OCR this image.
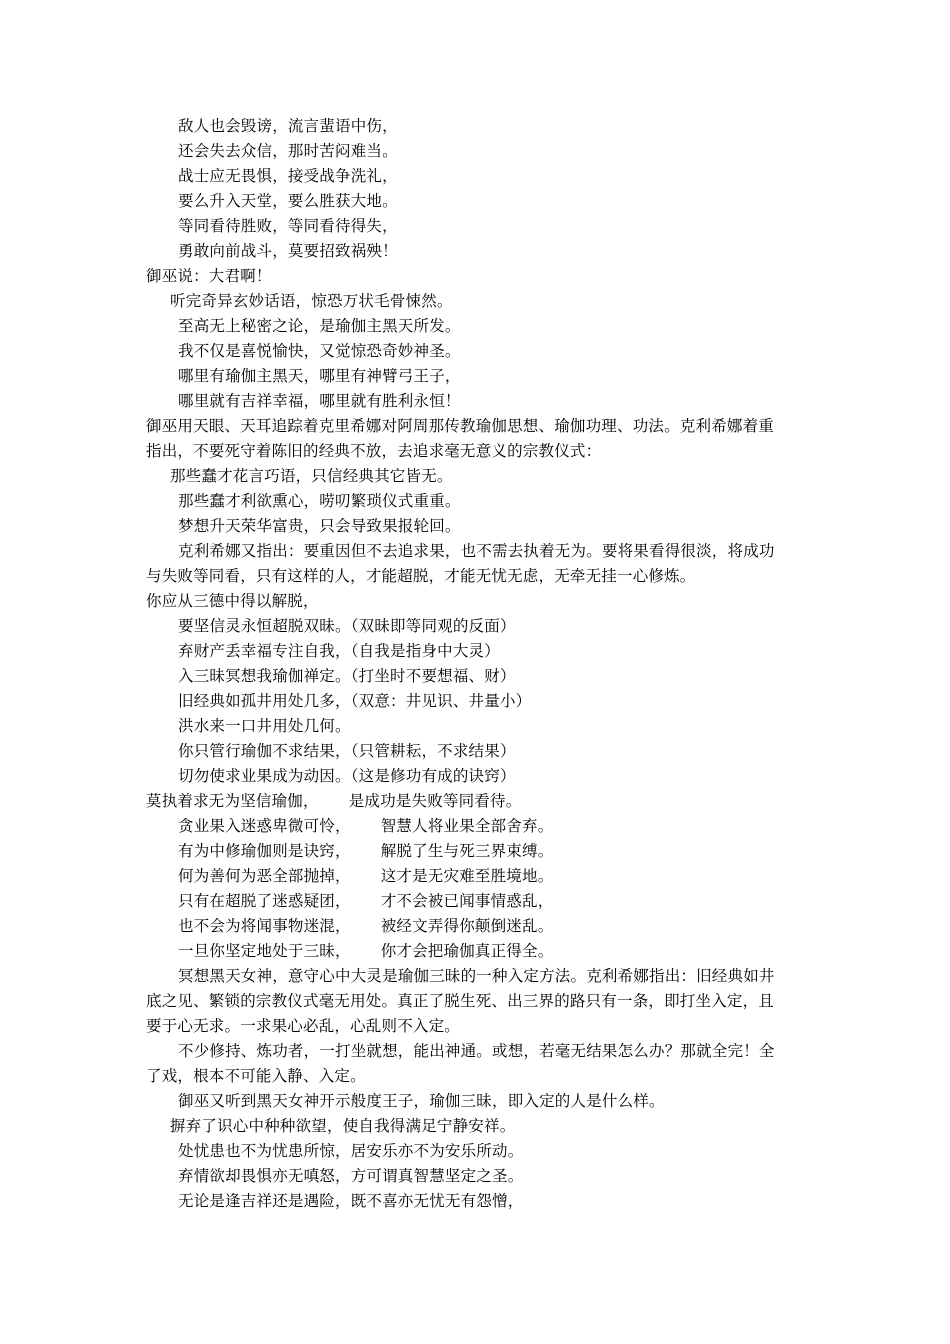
敌人也会毁谤，流言蜚语中伤，
还会失去众信，那时苦闷难当。
战士应无畏惧，接受战争洗礼，
要么升入天堂，要么胜获大地。
等同看待胜败，等同看待得失，
勇敢向前战斗，莫要招致祸殃！
御巫说：大君啊！
听完奇异玄妙话语，惊恐万状毛骨悚然。
至高无上秘密之论，是瑜伽主黑天所发。
我不仅是喜悦愉快，又觉惊恐奇妙神圣。
哪里有瑜伽主黑天，哪里有神臂弓王子，
哪里就有吉祥幸福，哪里就有胜利永恒！
御巫用天眼、天耳追踪着克里希娜对阿周那传教瑜伽思想、瑜伽功理、功法。克利希娜着重
指出，不要死守着陈旧的经典不放，去追求毫无意义的宗教仪式：
那些蠢才花言巧语，只信经典其它皆无。
那些蠢才利欲熏心，唠叨繁琐仪式重重。
梦想升天荣华富贵，只会导致果报轮回。
克利希娜又指出：要重因但不去追求果，也不需去执着无为。要将果看得很淡，将成功
与失败等同看，只有这样的人，才能超脱，才能无忧无虑，无牵无挂一心修炼。
你应从三德中得以解脱，
要坚信灵永恒超脱双昧。（双昧即等同观的反面）
弃财产丢幸福专注自我，（自我是指身中大灵）
入三昧冥想我瑜伽禅定。（打坐时不要想福、财）
旧经典如孤井用处几多，（双意：井见识、井量小）
洪水来一口井用处几何。
你只管行瑜伽不求结果，（只管耕耘，不求结果）
切勿使求业果成为动因。（这是修功有成的诀窍）
莫执着求无为坚信瑜伽， 是成功是失败等同看待。
贪业果入迷惑卑微可怜， 智慧人将业果全部舍弃。
有为中修瑜伽则是诀窍， 解脱了生与死三界束缚。
何为善何为恶全部抛掉， 这才是无灾难至胜境地。
只有在超脱了迷惑疑团， 才不会被已闻事情惑乱，
也不会为将闻事物迷混， 被经文弄得你颠倒迷乱。
一旦你坚定地处于三昧， 你才会把瑜伽真正得全。
冥想黑天女神，意守心中大灵是瑜伽三昧的一种入定方法。克利希娜指出：旧经典如井
底之见、繁锁的宗教仪式毫无用处。真正了脱生死、出三界的路只有一条，即打坐入定，且
要于心无求。一求果心必乱，心乱则不入定。
不少修持、炼功者，一打坐就想，能出神通。或想，若毫无结果怎么办？那就全完！全
了戏，根本不可能入静、入定。
御巫又听到黑天女神开示般度王子，瑜伽三昧，即入定的人是什么样。
摒弃了识心中种种欲望，使自我得满足宁静安祥。
处忧患也不为忧患所惊，居安乐亦不为安乐所动。
弃情欲却畏惧亦无嗔怒，方可谓真智慧坚定之圣。
无论是逢吉祥还是遇险，既不喜亦无忧无有怨憎，
